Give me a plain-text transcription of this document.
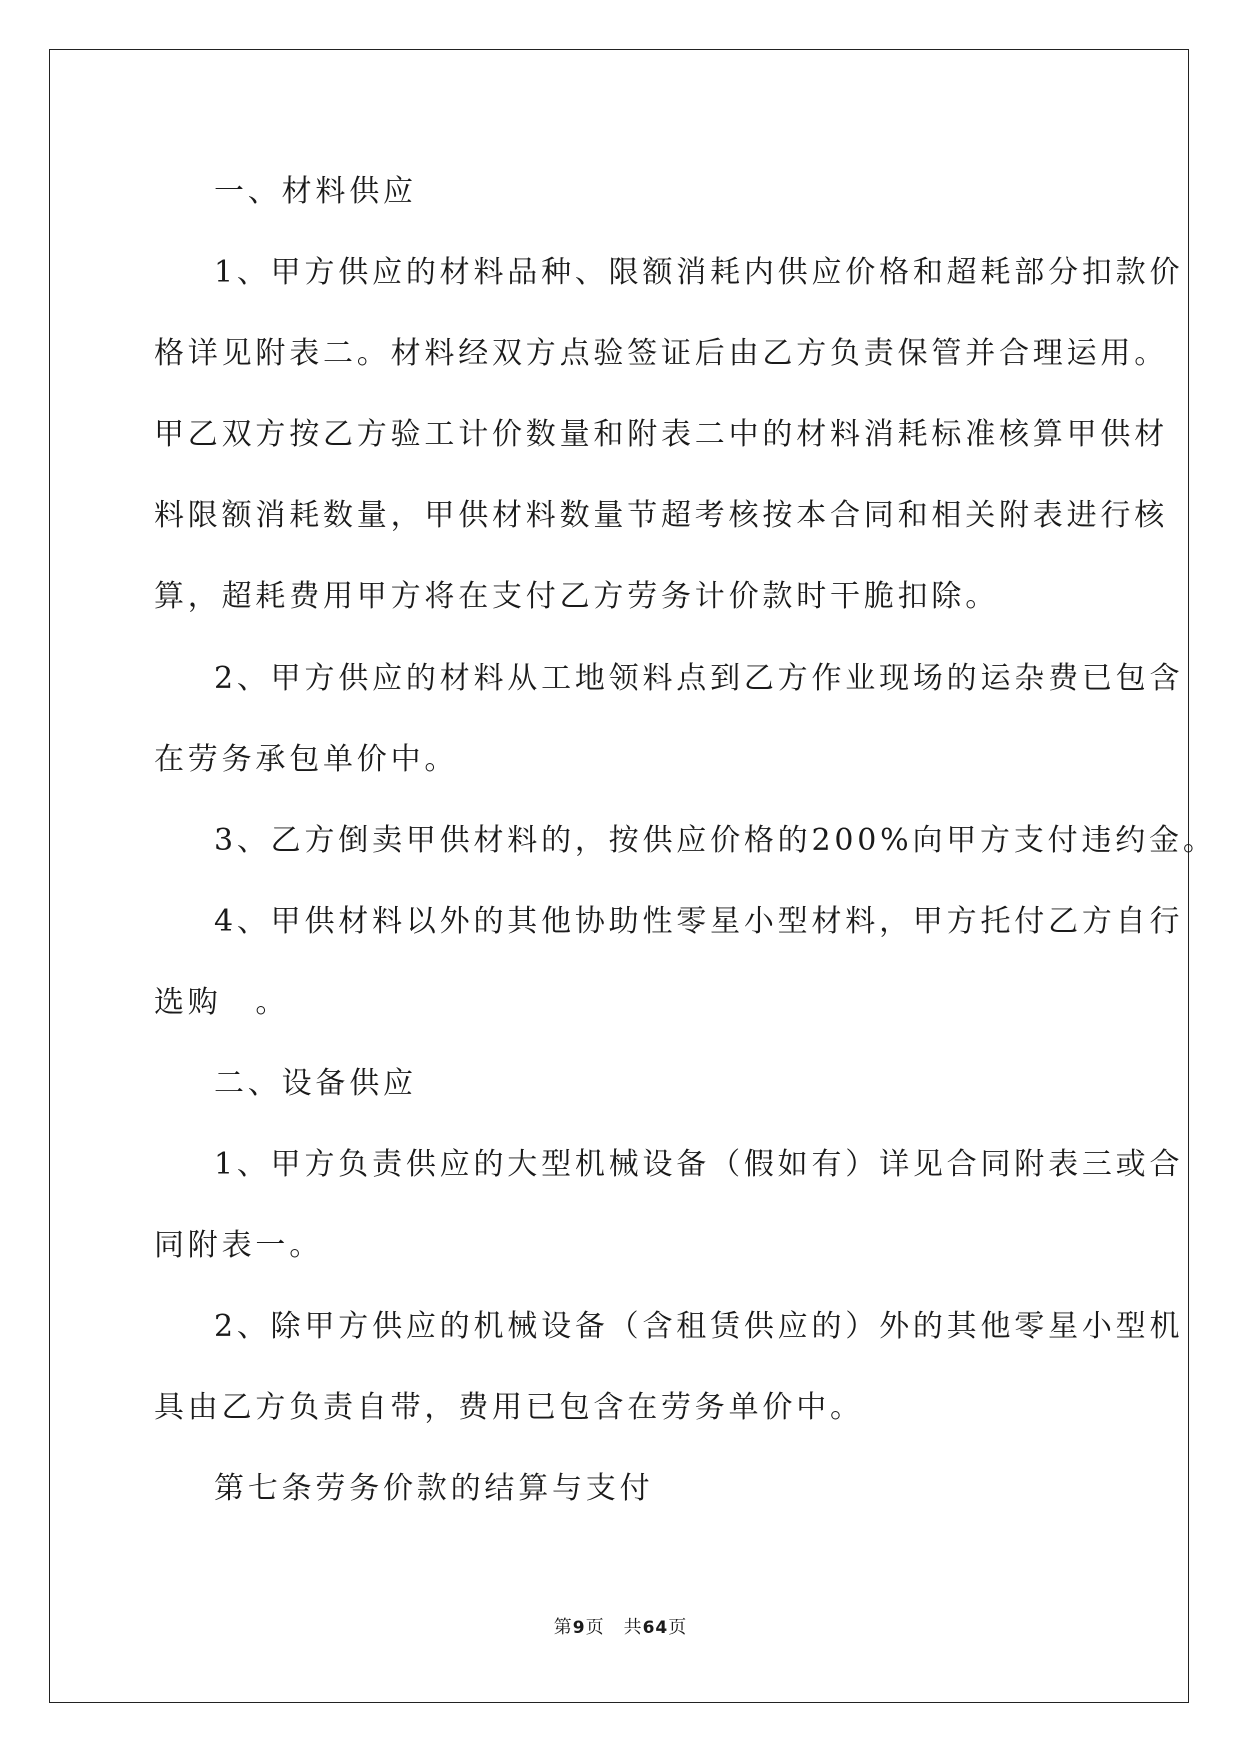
一、材料供应
1、甲方供应的材料品种、限额消耗内供应价格和超耗部分扣款价
格详见附表二。材料经双方点验签证后由乙方负责保管并合理运用。
甲乙双方按乙方验工计价数量和附表二中的材料消耗标准核算甲供材
料限额消耗数量，甲供材料数量节超考核按本合同和相关附表进行核
算，超耗费用甲方将在支付乙方劳务计价款时干脆扣除。
2、甲方供应的材料从工地领料点到乙方作业现场的运杂费已包含
在劳务承包单价中。
3、乙方倒卖甲供材料的，按供应价格的200%向甲方支付违约金。
4、甲供材料以外的其他协助性零星小型材料，甲方托付乙方自行
选购　。
二、设备供应
1、甲方负责供应的大型机械设备（假如有）详见合同附表三或合
同附表一。
2、除甲方供应的机械设备（含租赁供应的）外的其他零星小型机
具由乙方负责自带，费用已包含在劳务单价中。
第七条劳务价款的结算与支付
第9页　共64页
